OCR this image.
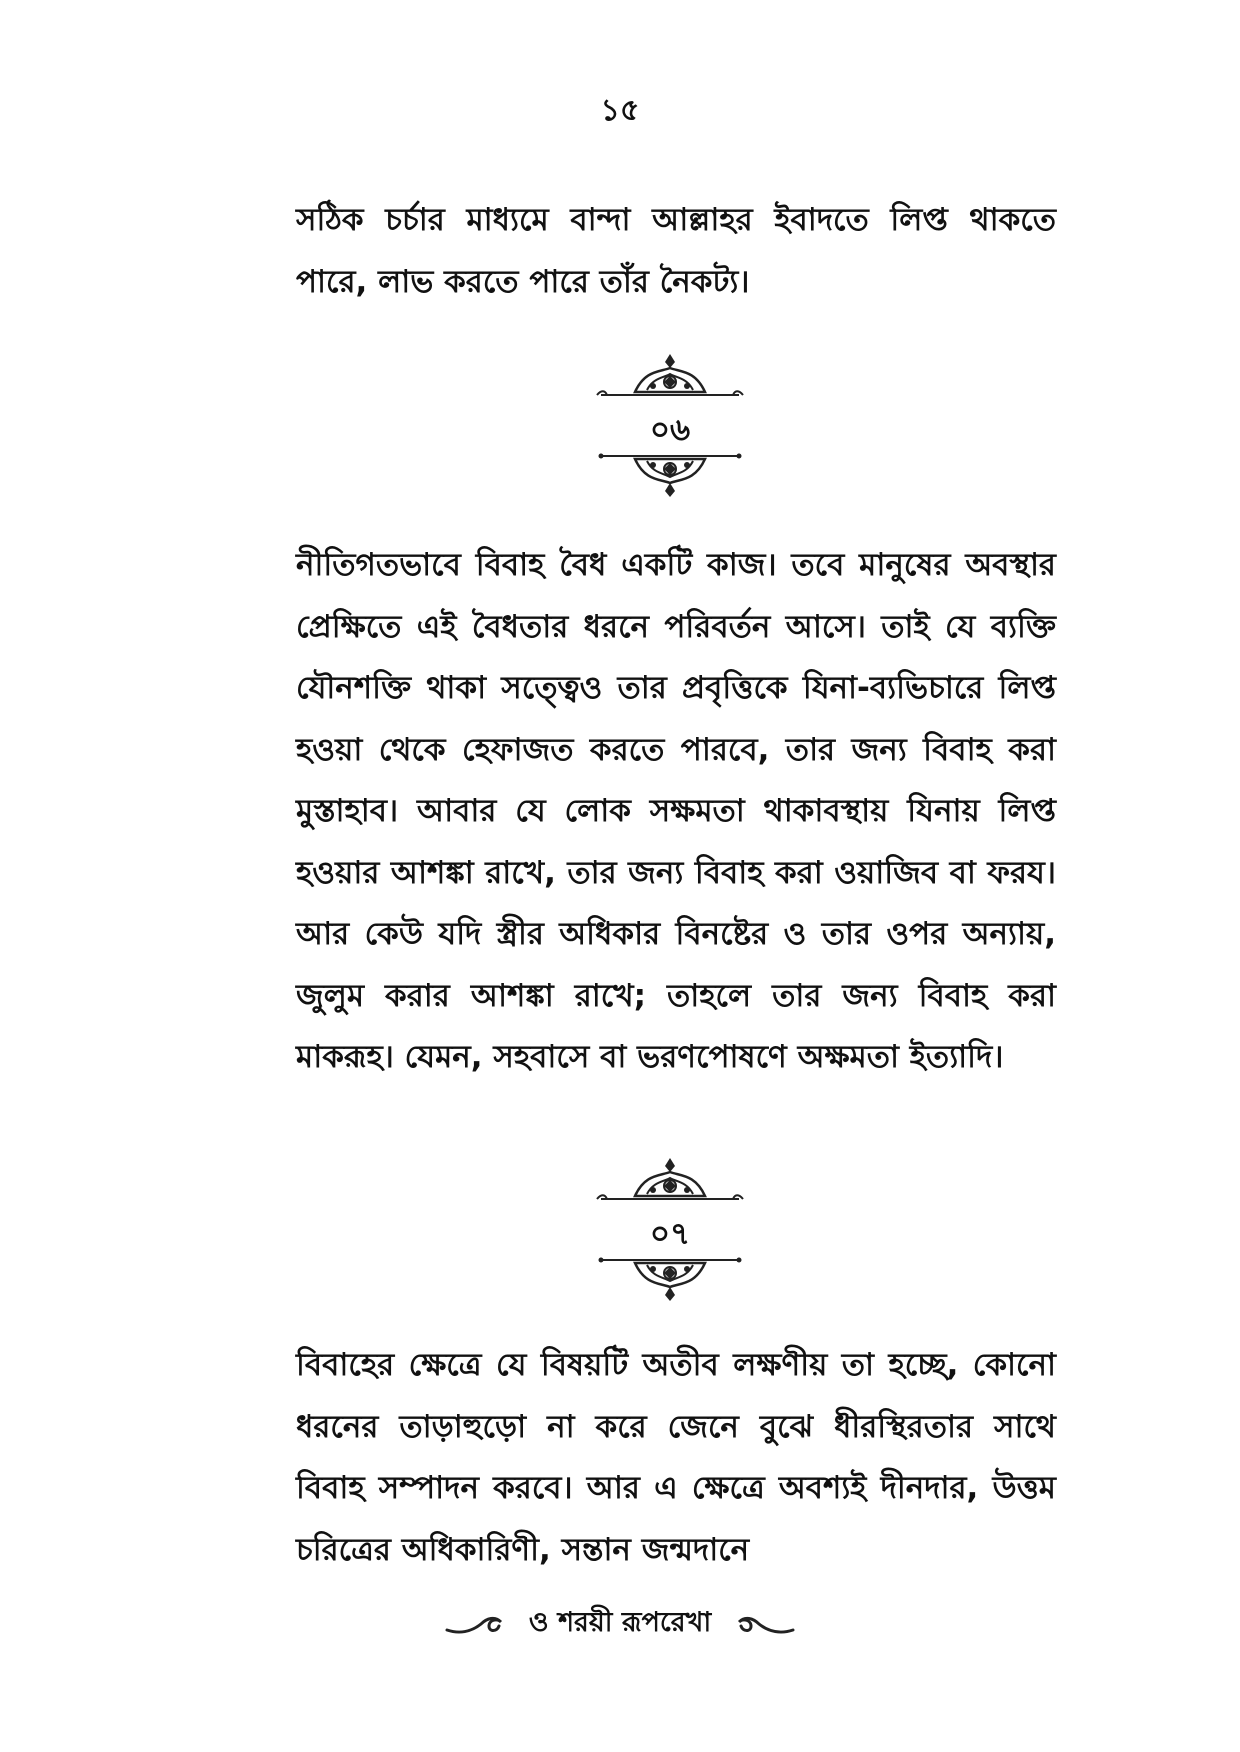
১৫

সঠিক চর্চার মাধ্যমে বান্দা আল্লাহর ইবাদতে লিপ্ত থাকতে পারে, লাভ করতে পারে তাঁর নৈকট্য।

০৬

নীতিগতভাবে বিবাহ বৈধ একটি কাজ। তবে মানুষের অবস্থার প্রেক্ষিতে এই বৈধতার ধরনে পরিবর্তন আসে। তাই যে ব্যক্তি যৌনশক্তি থাকা সত্ত্বেও তার প্রবৃত্তিকে যিনা-ব্যভিচারে লিপ্ত হওয়া থেকে হেফাজত করতে পারবে, তার জন্য বিবাহ করা মুস্তাহাব। আবার যে লোক সক্ষমতা থাকাবস্থায় যিনায় লিপ্ত হওয়ার আশঙ্কা রাখে, তার জন্য বিবাহ করা ওয়াজিব বা ফরয। আর কেউ যদি স্ত্রীর অধিকার বিনষ্টের ও তার ওপর অন্যায়, জুলুম করার আশঙ্কা রাখে; তাহলে তার জন্য বিবাহ করা মাকরূহ। যেমন, সহবাসে বা ভরণপোষণে অক্ষমতা ইত্যাদি।

০৭

বিবাহের ক্ষেত্রে যে বিষয়টি অতীব লক্ষণীয় তা হচ্ছে, কোনো ধরনের তাড়াহুড়ো না করে জেনে বুঝে ধীরস্থিরতার সাথে বিবাহ সম্পাদন করবে। আর এ ক্ষেত্রে অবশ্যই দীনদার, উত্তম চরিত্রের অধিকারিণী, সন্তান জন্মদানে

ও শরয়ী রূপরেখা
